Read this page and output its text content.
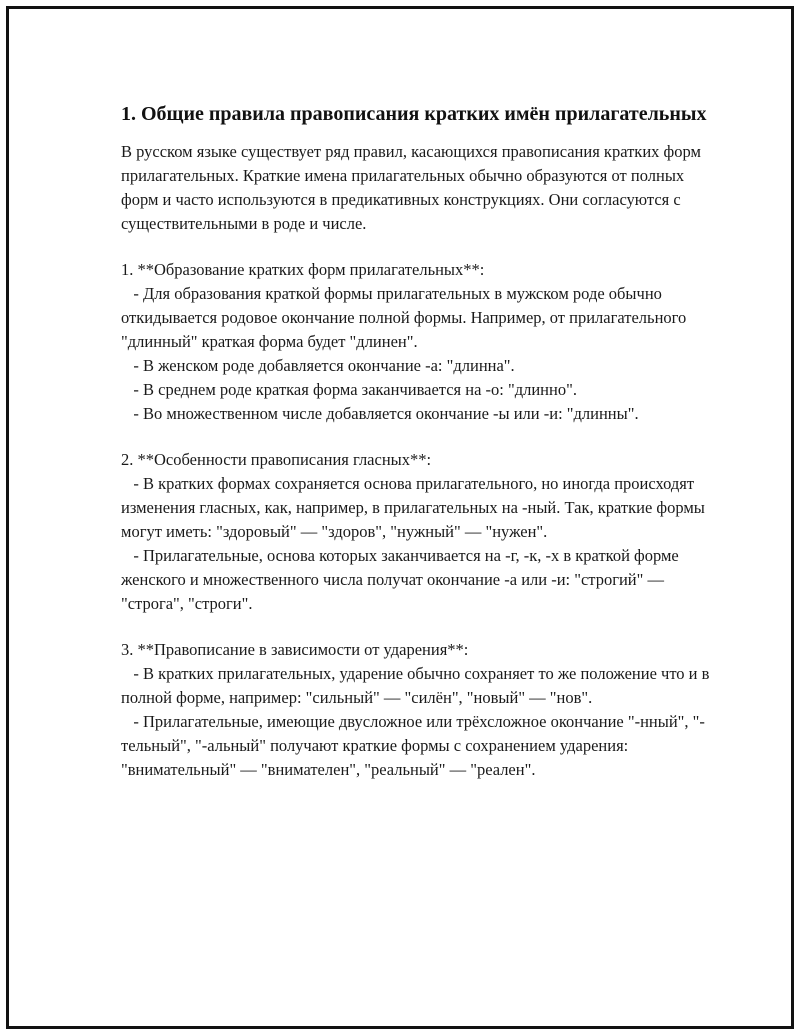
1. Общие правила правописания кратких имён прилагательных

В русском языке существует ряд правил, касающихся правописания кратких форм прилагательных. Краткие имена прилагательных обычно образуются от полных форм и часто используются в предикативных конструкциях. Они согласуются с существительными в роде и числе.

1. **Образование кратких форм прилагательных**:

- Для образования краткой формы прилагательных в мужском роде обычно откидывается родовое окончание полной формы. Например, от прилагательного "длинный" краткая форма будет "длинен".

- В женском роде добавляется окончание -а: "длинна".

- В среднем роде краткая форма заканчивается на -о: "длинно".

- Во множественном числе добавляется окончание -ы или -и: "длинны".

2. **Особенности правописания гласных**:

- В кратких формах сохраняется основа прилагательного, но иногда происходят изменения гласных, как, например, в прилагательных на -ный. Так, краткие формы могут иметь: "здоровый" — "здоров", "нужный" — "нужен".

- Прилагательные, основа которых заканчивается на -г, -к, -х в краткой форме женского и множественного числа получат окончание -а или -и: "строгий" — "строга", "строги".

3. **Правописание в зависимости от ударения**:

- В кратких прилагательных, ударение обычно сохраняет то же положение что и в полной форме, например: "сильный" — "силён", "новый" — "нов".

- Прилагательные, имеющие двусложное или трёхсложное окончание "-нный", "-тельный", "-альный" получают краткие формы с сохранением ударения: "внимательный" — "внимателен", "реальный" — "реален".
